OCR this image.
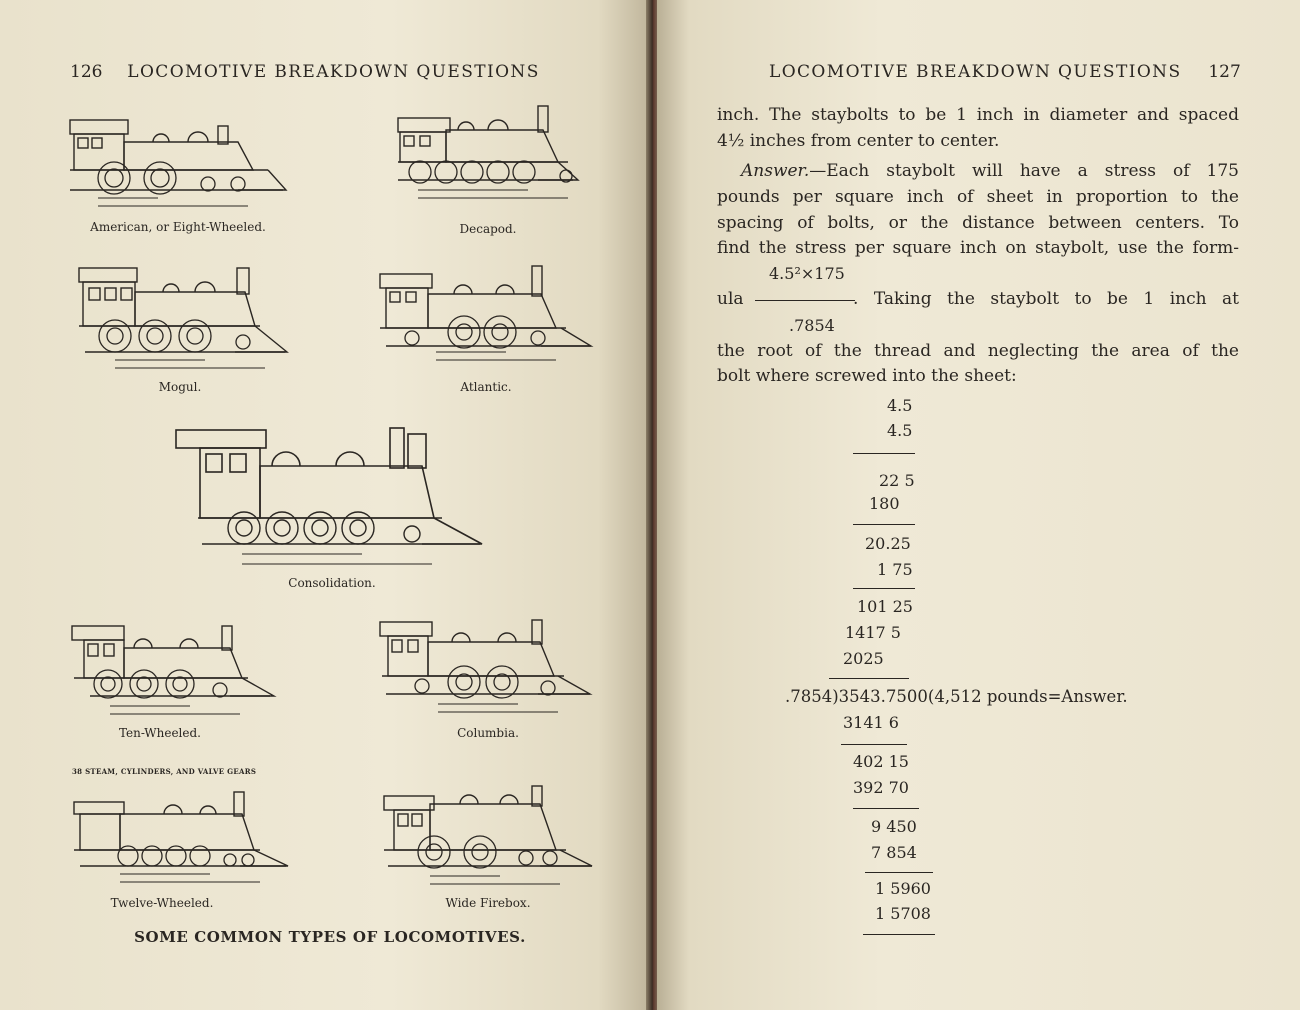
126 LOCOMOTIVE BREAKDOWN QUESTIONS
American, or Eight-Wheeled.	Decapod.
Mogul.	Atlantic.
Consolidation.
Ten-Wheeled.	Columbia.
38 STEAM, CYLINDERS, AND VALVE GEARS
Twelve-Wheeled.	Wide Firebox.
SOME COMMON TYPES OF LOCOMOTIVES.
LOCOMOTIVE BREAKDOWN QUESTIONS 127
inch. The staybolts to be 1 inch in diameter and spaced
4½ inches from center to center.
Answer.—Each staybolt will have a stress of 175
pounds per square inch of sheet in proportion to the
spacing of bolts, or the distance between centers. To
find the stress per square inch on staybolt, use the form-
4.5²×175
ula	. Taking the staybolt to be 1 inch at
.7854
the root of the thread and neglecting the area of the
bolt where screwed into the sheet:
4.5
4.5
22 5
180
20.25
1 75
101 25
1417 5
2025
.7854)3543.7500(4,512 pounds=Answer.
3141 6
402 15
392 70
9 450
7 854
1 5960
1 5708
